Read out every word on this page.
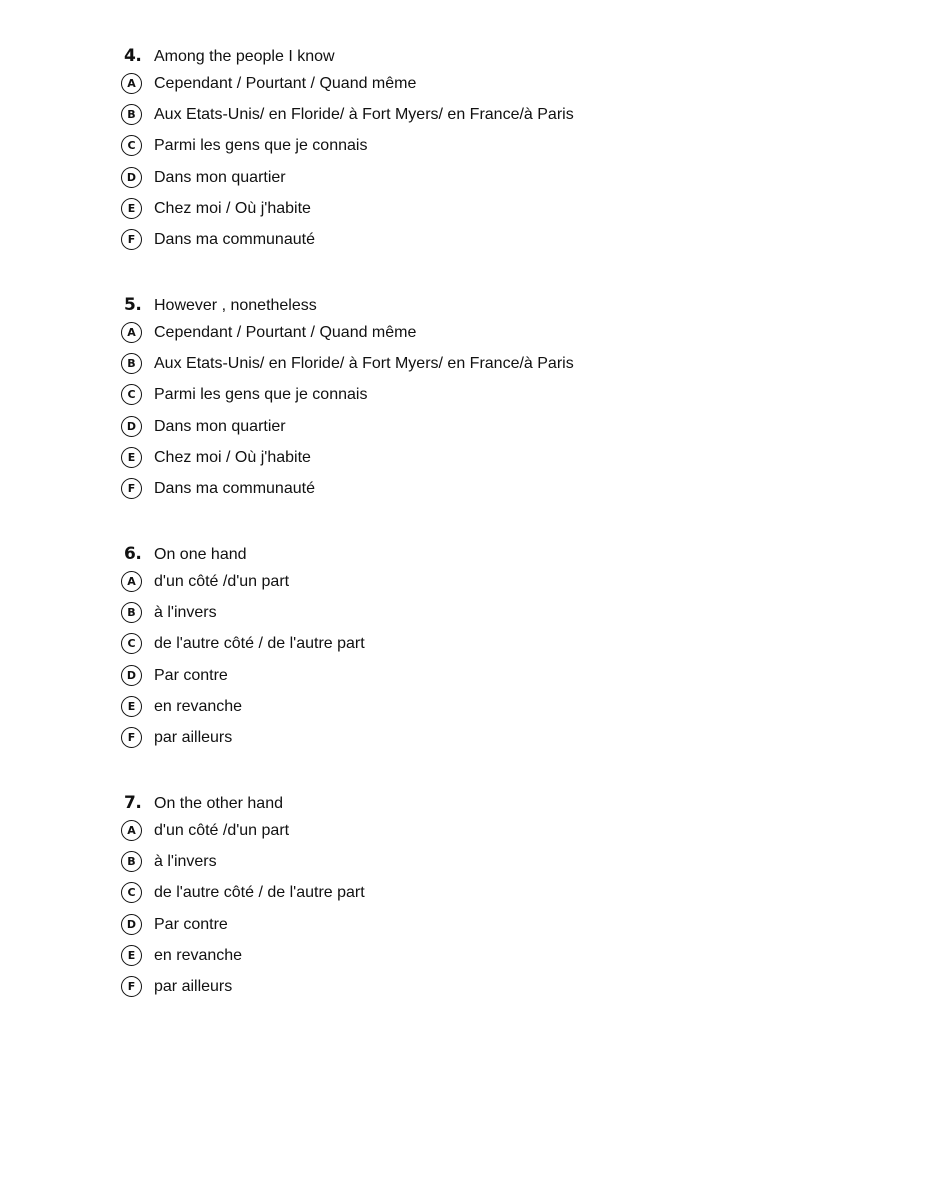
4. Among the people I know
A	Cependant / Pourtant / Quand même
B	Aux Etats-Unis/ en Floride/ à Fort Myers/ en France/à Paris
C	Parmi les gens que je connais
D	Dans mon quartier
E	Chez moi / Où j'habite
F	Dans ma communauté
5. However , nonetheless
A	Cependant / Pourtant / Quand même
B	Aux Etats-Unis/ en Floride/ à Fort Myers/ en France/à Paris
C	Parmi les gens que je connais
D	Dans mon quartier
E	Chez moi / Où j'habite
F	Dans ma communauté
6. On one hand
A	d'un côté /d'un part
B	à l'invers
C	de l'autre côté / de l'autre part
D	Par contre
E	en revanche
F	par ailleurs
7. On the other hand
A	d'un côté /d'un part
B	à l'invers
C	de l'autre côté / de l'autre part
D	Par contre
E	en revanche
F	par ailleurs
